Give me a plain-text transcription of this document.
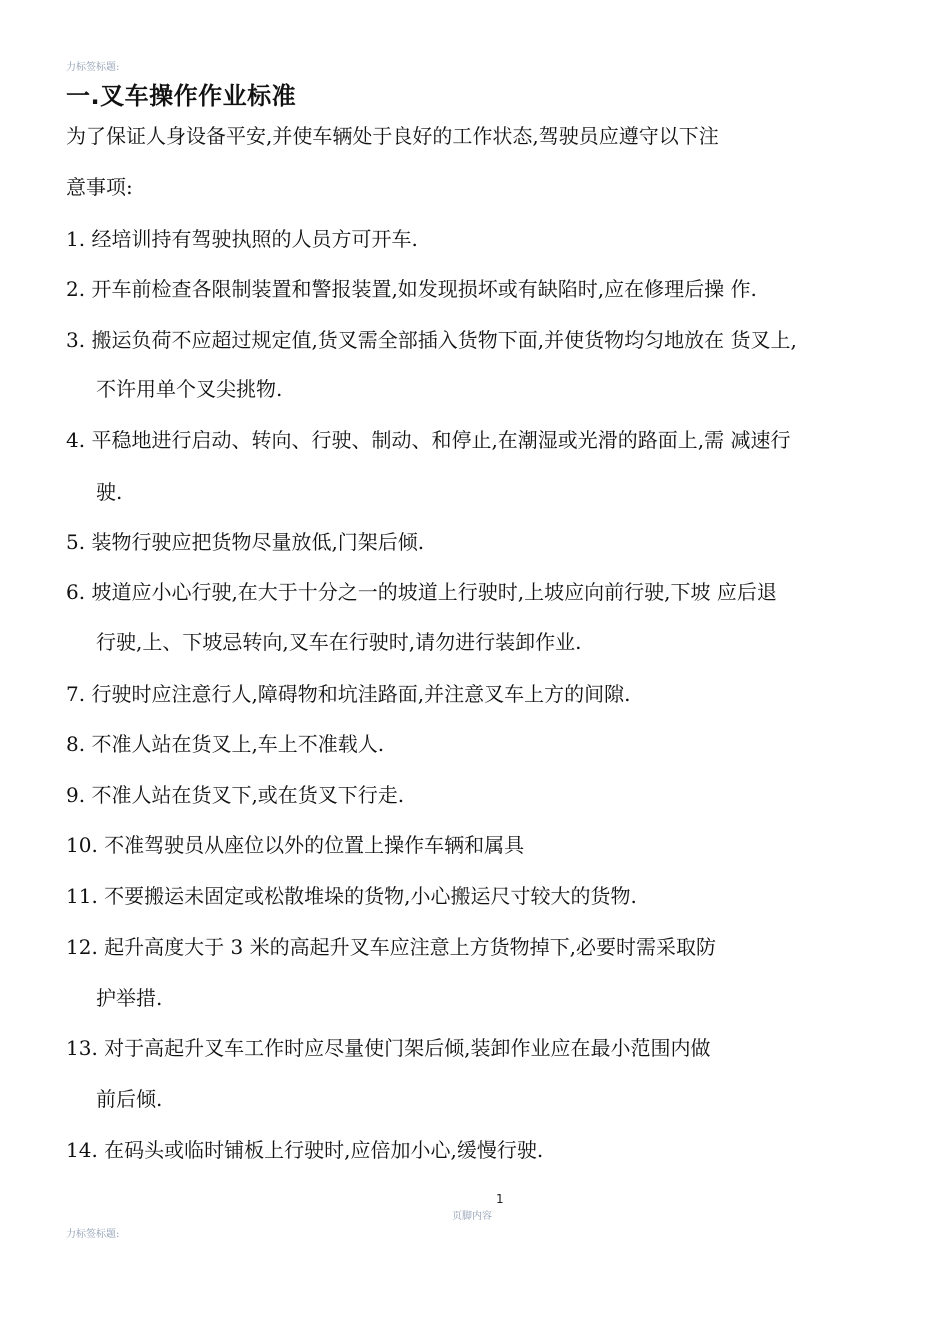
力标签标题:
一.叉车操作作业标准
为了保证人身设备平安,并使车辆处于良好的工作状态,驾驶员应遵守以下注
意事项:
1. 经培训持有驾驶执照的人员方可开车.
2. 开车前检查各限制装置和警报装置,如发现损坏或有缺陷时,应在修理后操 作.
3. 搬运负荷不应超过规定值,货叉需全部插入货物下面,并使货物均匀地放在 货叉上,
不许用单个叉尖挑物.
4. 平稳地进行启动、转向、行驶、制动、和停止,在潮湿或光滑的路面上,需 减速行
驶.
5. 装物行驶应把货物尽量放低,门架后倾.
6. 坡道应小心行驶,在大于十分之一的坡道上行驶时,上坡应向前行驶,下坡 应后退
行驶,上、下坡忌转向,叉车在行驶时,请勿进行装卸作业.
7. 行驶时应注意行人,障碍物和坑洼路面,并注意叉车上方的间隙.
8. 不准人站在货叉上,车上不准载人.
9. 不准人站在货叉下,或在货叉下行走.
10. 不准驾驶员从座位以外的位置上操作车辆和属具
11. 不要搬运未固定或松散堆垛的货物,小心搬运尺寸较大的货物.
12. 起升高度大于 3 米的高起升叉车应注意上方货物掉下,必要时需采取防
护举措.
13. 对于高起升叉车工作时应尽量使门架后倾,装卸作业应在最小范围内做
前后倾.
14. 在码头或临时铺板上行驶时,应倍加小心,缓慢行驶.
1
页脚内容
力标签标题:
